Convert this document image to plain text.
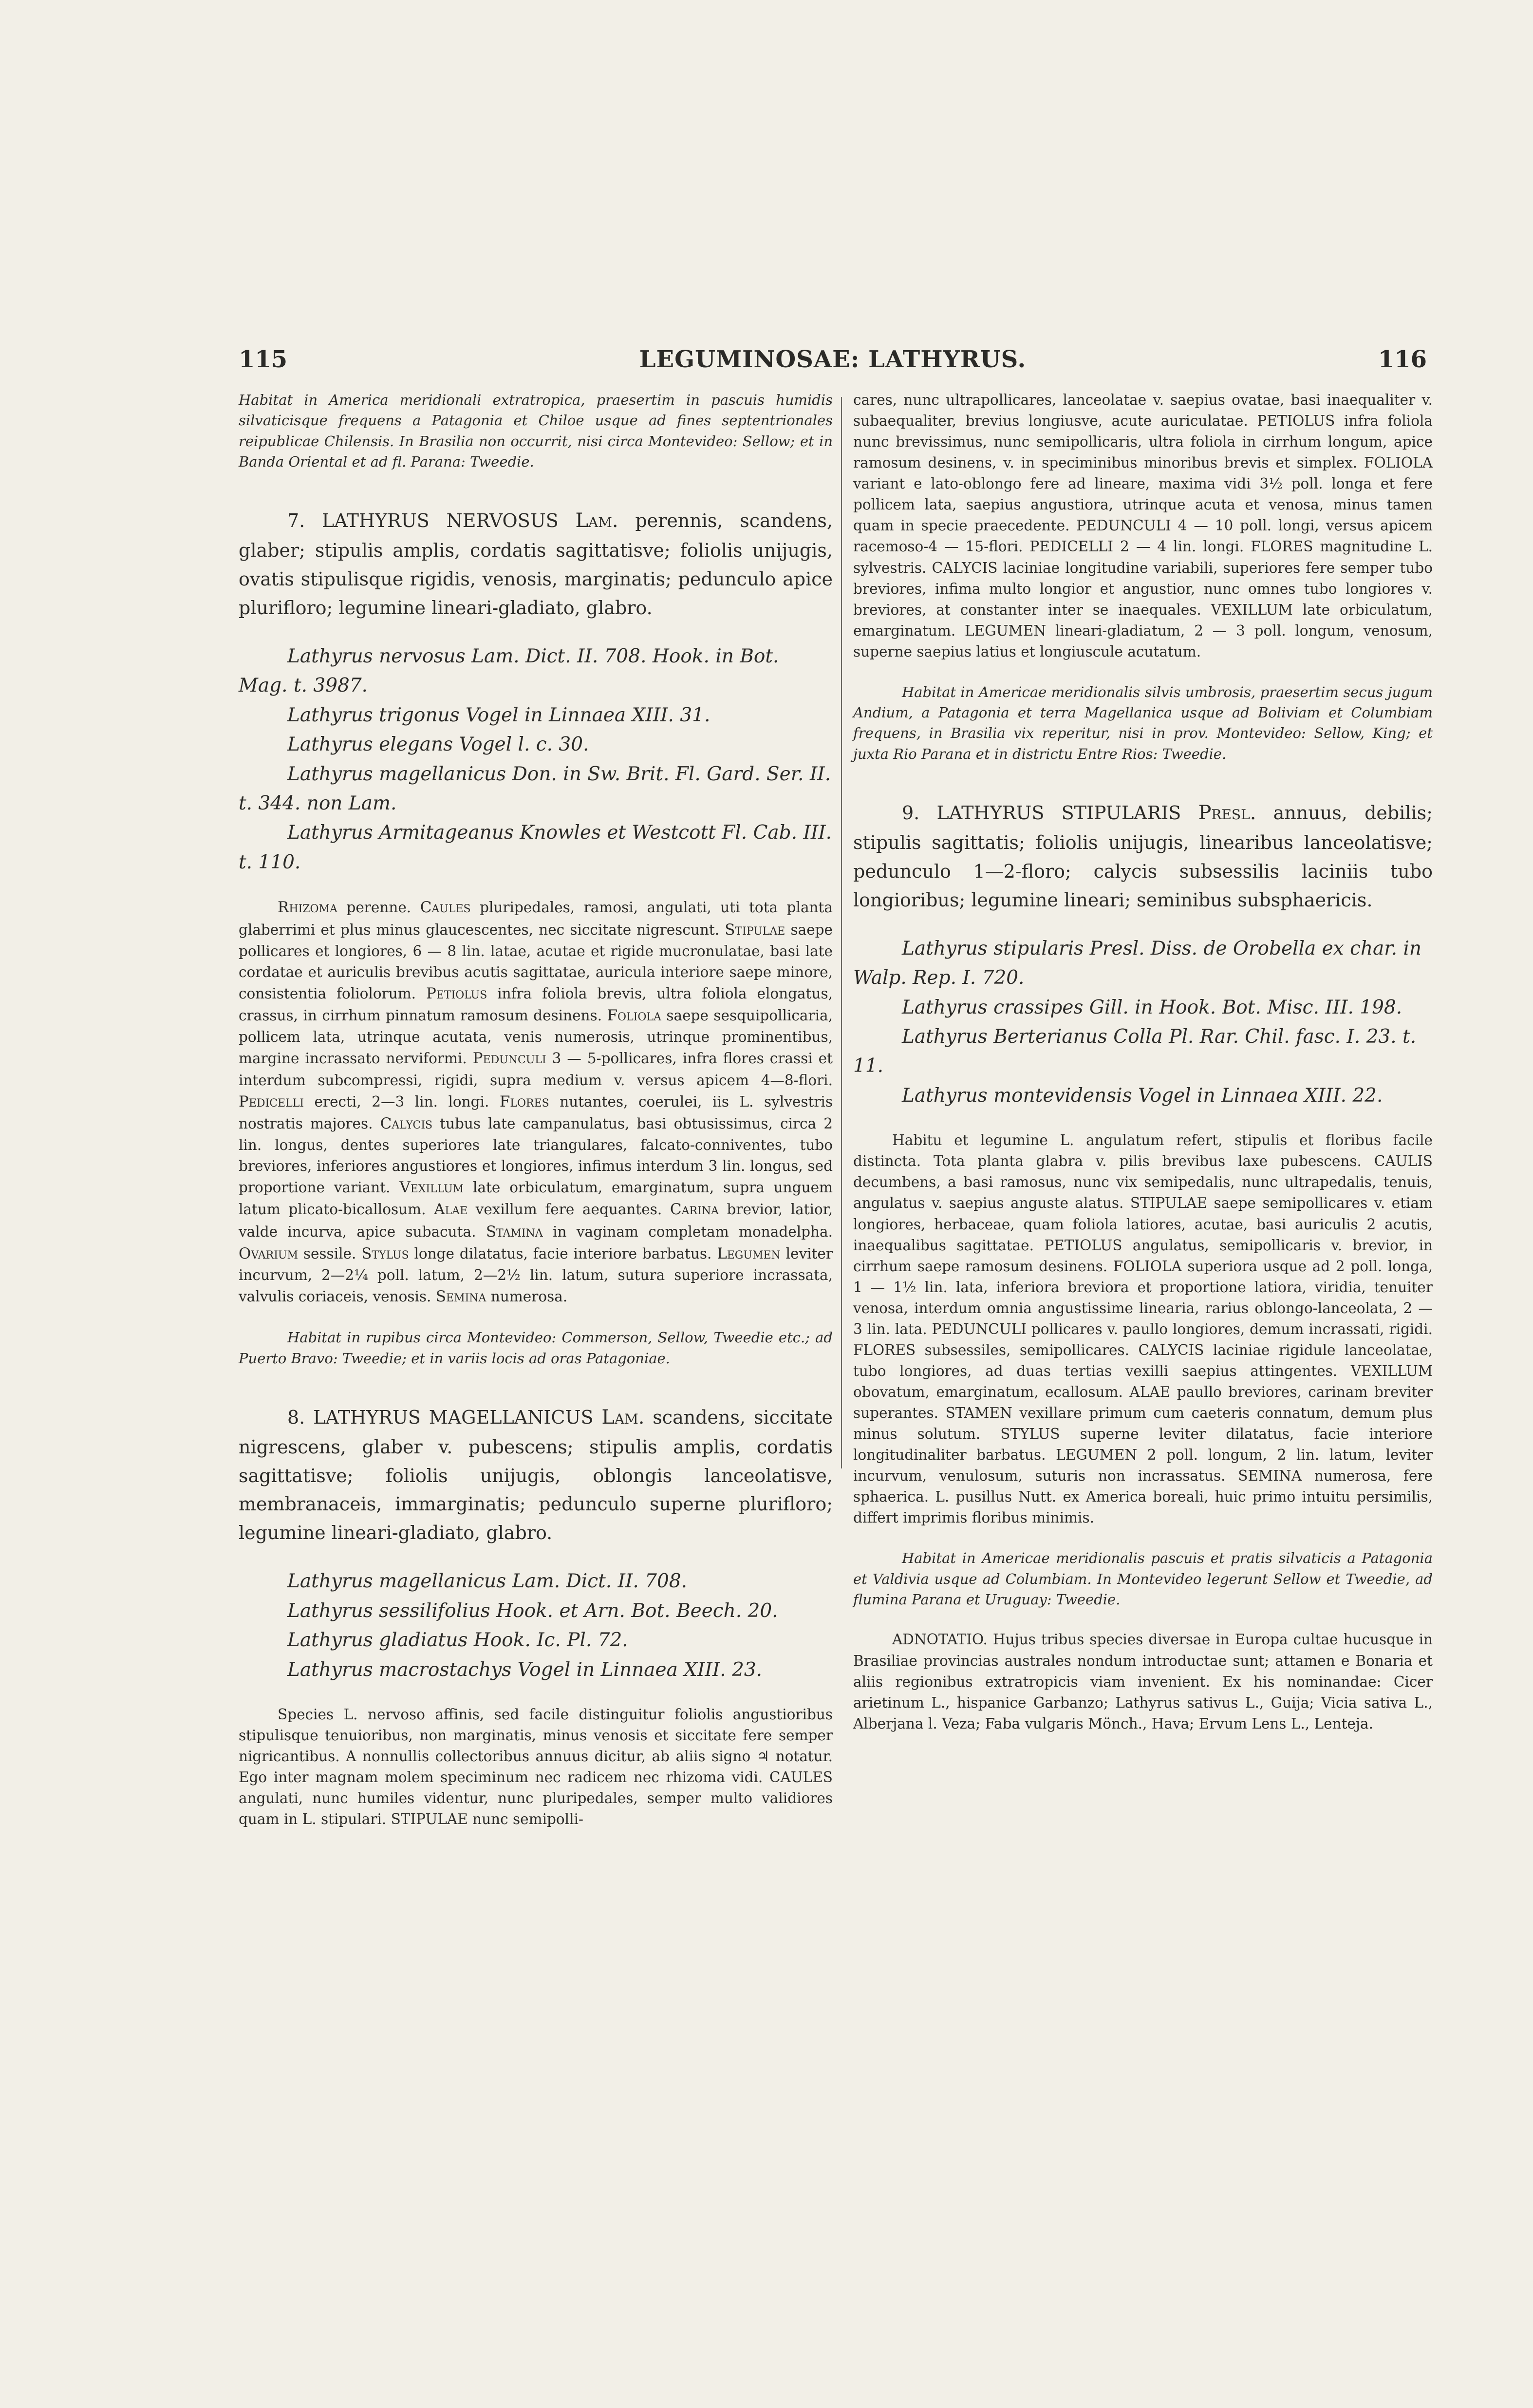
115	LEGUMINOSAE: LATHYRUS.	116

Habitat in America meridionali extratropica, praesertim in pascuis humidis silvaticisque frequens a Patagonia et Chiloe usque ad fines septentrionales reipublicae Chilensis. In Brasilia non occurrit, nisi circa Montevideo: Sellow; et in Banda Oriental et ad fl. Parana: Tweedie.

7. LATHYRUS NERVOSUS Lam. perennis, scandens, glaber; stipulis amplis, cordatis sagittatisve; foliolis unijugis, ovatis stipulisque rigidis, venosis, marginatis; pedunculo apice plurifloro; legumine lineari-gladiato, glabro.

Lathyrus nervosus Lam. Dict. II. 708. Hook. in Bot. Mag. t. 3987.

Lathyrus trigonus Vogel in Linnaea XIII. 31.

Lathyrus elegans Vogel l. c. 30.

Lathyrus magellanicus Don. in Sw. Brit. Fl. Gard. Ser. II. t. 344. non Lam.

Lathyrus Armitageanus Knowles et Westcott Fl. Cab. III. t. 110.

Rhizoma perenne. Caules pluripedales, ramosi, angulati, uti tota planta glaberrimi et plus minus glaucescentes, nec siccitate nigrescunt. Stipulae saepe pollicares et longiores, 6 — 8 lin. latae, acutae et rigide mucronulatae, basi late cordatae et auriculis brevibus acutis sagittatae, auricula interiore saepe minore, consistentia foliolorum. Petiolus infra foliola brevis, ultra foliola elongatus, crassus, in cirrhum pinnatum ramosum desinens. Foliola saepe sesquipollicaria, pollicem lata, utrinque acutata, venis numerosis, utrinque prominentibus, margine incrassato nerviformi. Pedunculi 3 — 5-pollicares, infra flores crassi et interdum subcompressi, rigidi, supra medium v. versus apicem 4—8-flori. Pedicelli erecti, 2—3 lin. longi. Flores nutantes, coerulei, iis L. sylvestris nostratis majores. Calycis tubus late campanulatus, basi obtusissimus, circa 2 lin. longus, dentes superiores late triangulares, falcato-conniventes, tubo breviores, inferiores angustiores et longiores, infimus interdum 3 lin. longus, sed proportione variant. Vexillum late orbiculatum, emarginatum, supra unguem latum plicato-bicallosum. Alae vexillum fere aequantes. Carina brevior, latior, valde incurva, apice subacuta. Stamina in vaginam completam monadelpha. Ovarium sessile. Stylus longe dilatatus, facie interiore barbatus. Legumen leviter incurvum, 2—2¼ poll. latum, 2—2½ lin. latum, sutura superiore incrassata, valvulis coriaceis, venosis. Semina numerosa.

Habitat in rupibus circa Montevideo: Commerson, Sellow, Tweedie etc.; ad Puerto Bravo: Tweedie; et in variis locis ad oras Patagoniae.

8. LATHYRUS MAGELLANICUS Lam. scandens, siccitate nigrescens, glaber v. pubescens; stipulis amplis, cordatis sagittatisve; foliolis unijugis, oblongis lanceolatisve, membranaceis, immarginatis; pedunculo superne plurifloro; legumine lineari-gladiato, glabro.

Lathyrus magellanicus Lam. Dict. II. 708.

Lathyrus sessilifolius Hook. et Arn. Bot. Beech. 20.

Lathyrus gladiatus Hook. Ic. Pl. 72.

Lathyrus macrostachys Vogel in Linnaea XIII. 23.

Species L. nervoso affinis, sed facile distinguitur foliolis angustioribus stipulisque tenuioribus, non marginatis, minus venosis et siccitate fere semper nigricantibus. A nonnullis collectoribus annuus dicitur, ab aliis signo ♃ notatur. Ego inter magnam molem speciminum nec radicem nec rhizoma vidi. CAULES angulati, nunc humiles videntur, nunc pluripedales, semper multo validiores quam in L. stipulari. STIPULAE nunc semipolli-

cares, nunc ultrapollicares, lanceolatae v. saepius ovatae, basi inaequaliter v. subaequaliter, brevius longiusve, acute auriculatae. PETIOLUS infra foliola nunc brevissimus, nunc semipollicaris, ultra foliola in cirrhum longum, apice ramosum desinens, v. in speciminibus minoribus brevis et simplex. FOLIOLA variant e lato-oblongo fere ad lineare, maxima vidi 3½ poll. longa et fere pollicem lata, saepius angustiora, utrinque acuta et venosa, minus tamen quam in specie praecedente. PEDUNCULI 4 — 10 poll. longi, versus apicem racemoso-4 — 15-flori. PEDICELLI 2 — 4 lin. longi. FLORES magnitudine L. sylvestris. CALYCIS laciniae longitudine variabili, superiores fere semper tubo breviores, infima multo longior et angustior, nunc omnes tubo longiores v. breviores, at constanter inter se inaequales. VEXILLUM late orbiculatum, emarginatum. LEGUMEN lineari-gladiatum, 2 — 3 poll. longum, venosum, superne saepius latius et longiuscule acutatum.

Habitat in Americae meridionalis silvis umbrosis, praesertim secus jugum Andium, a Patagonia et terra Magellanica usque ad Boliviam et Columbiam frequens, in Brasilia vix reperitur, nisi in prov. Montevideo: Sellow, King; et juxta Rio Parana et in districtu Entre Rios: Tweedie.

9. LATHYRUS STIPULARIS Presl. annuus, debilis; stipulis sagittatis; foliolis unijugis, linearibus lanceolatisve; pedunculo 1—2-floro; calycis subsessilis laciniis tubo longioribus; legumine lineari; seminibus subsphaericis.

Lathyrus stipularis Presl. Diss. de Orobella ex char. in Walp. Rep. I. 720.

Lathyrus crassipes Gill. in Hook. Bot. Misc. III. 198.

Lathyrus Berterianus Colla Pl. Rar. Chil. fasc. I. 23. t. 11.

Lathyrus montevidensis Vogel in Linnaea XIII. 22.

Habitu et legumine L. angulatum refert, stipulis et floribus facile distincta. Tota planta glabra v. pilis brevibus laxe pubescens. CAULIS decumbens, a basi ramosus, nunc vix semipedalis, nunc ultrapedalis, tenuis, angulatus v. saepius anguste alatus. STIPULAE saepe semipollicares v. etiam longiores, herbaceae, quam foliola latiores, acutae, basi auriculis 2 acutis, inaequalibus sagittatae. PETIOLUS angulatus, semipollicaris v. brevior, in cirrhum saepe ramosum desinens. FOLIOLA superiora usque ad 2 poll. longa, 1 — 1½ lin. lata, inferiora breviora et proportione latiora, viridia, tenuiter venosa, interdum omnia angustissime linearia, rarius oblongo-lanceolata, 2 — 3 lin. lata. PEDUNCULI pollicares v. paullo longiores, demum incrassati, rigidi. FLORES subsessiles, semipollicares. CALYCIS laciniae rigidule lanceolatae, tubo longiores, ad duas tertias vexilli saepius attingentes. VEXILLUM obovatum, emarginatum, ecallosum. ALAE paullo breviores, carinam breviter superantes. STAMEN vexillare primum cum caeteris connatum, demum plus minus solutum. STYLUS superne leviter dilatatus, facie interiore longitudinaliter barbatus. LEGUMEN 2 poll. longum, 2 lin. latum, leviter incurvum, venulosum, suturis non incrassatus. SEMINA numerosa, fere sphaerica. L. pusillus Nutt. ex America boreali, huic primo intuitu persimilis, differt imprimis floribus minimis.

Habitat in Americae meridionalis pascuis et pratis silvaticis a Patagonia et Valdivia usque ad Columbiam. In Montevideo legerunt Sellow et Tweedie, ad flumina Parana et Uruguay: Tweedie.

ADNOTATIO. Hujus tribus species diversae in Europa cultae hucusque in Brasiliae provincias australes nondum introductae sunt; attamen e Bonaria et aliis regionibus extratropicis viam invenient. Ex his nominandae: Cicer arietinum L., hispanice Garbanzo; Lathyrus sativus L., Guija; Vicia sativa L., Alberjana l. Veza; Faba vulgaris Mönch., Hava; Ervum Lens L., Lenteja.
